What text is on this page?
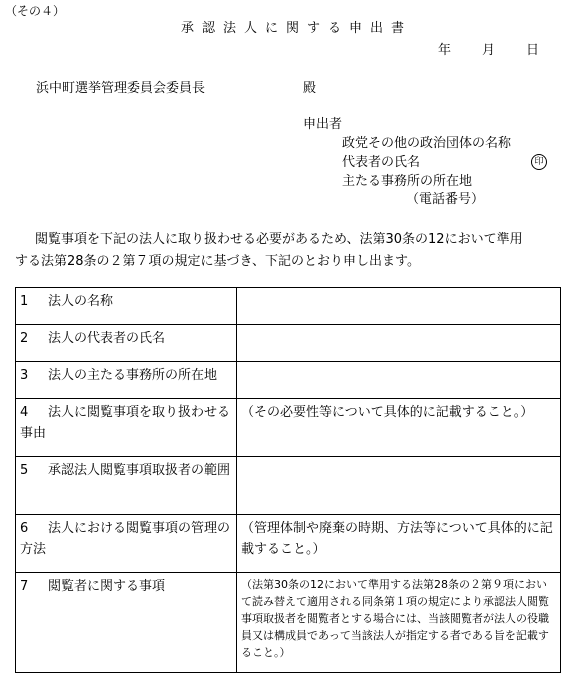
（その４）
承認法人に関する申出書
年 月 日
浜中町選挙管理委員会委員長	殿
申出者
政党その他の政治団体の名称
代表者の氏名	印
主たる事務所の所在地
（電話番号）

閲覧事項を下記の法人に取り扱わせる必要があるため、法第30条の12において準用

する法第28条の２第７項の規定に基づき、下記のとおり申し出ます。

1 法人の名称	
2 法人の代表者の氏名	
3 法人の主たる事務所の所在地	
4 法人に閲覧事項を取り扱わせる事由	（その必要性等について具体的に記載すること。）
5 承認法人閲覧事項取扱者の範囲	
6 法人における閲覧事項の管理の方法	（管理体制や廃棄の時期、方法等について具体的に記載すること。）
7 閲覧者に関する事項	（法第30条の12において準用する法第28条の２第９項において読み替えて適用される同条第１項の規定により承認法人閲覧事項取扱者を閲覧者とする場合には、当該閲覧者が法人の役職員又は構成員であって当該法人が指定する者である旨を記載すること。）
